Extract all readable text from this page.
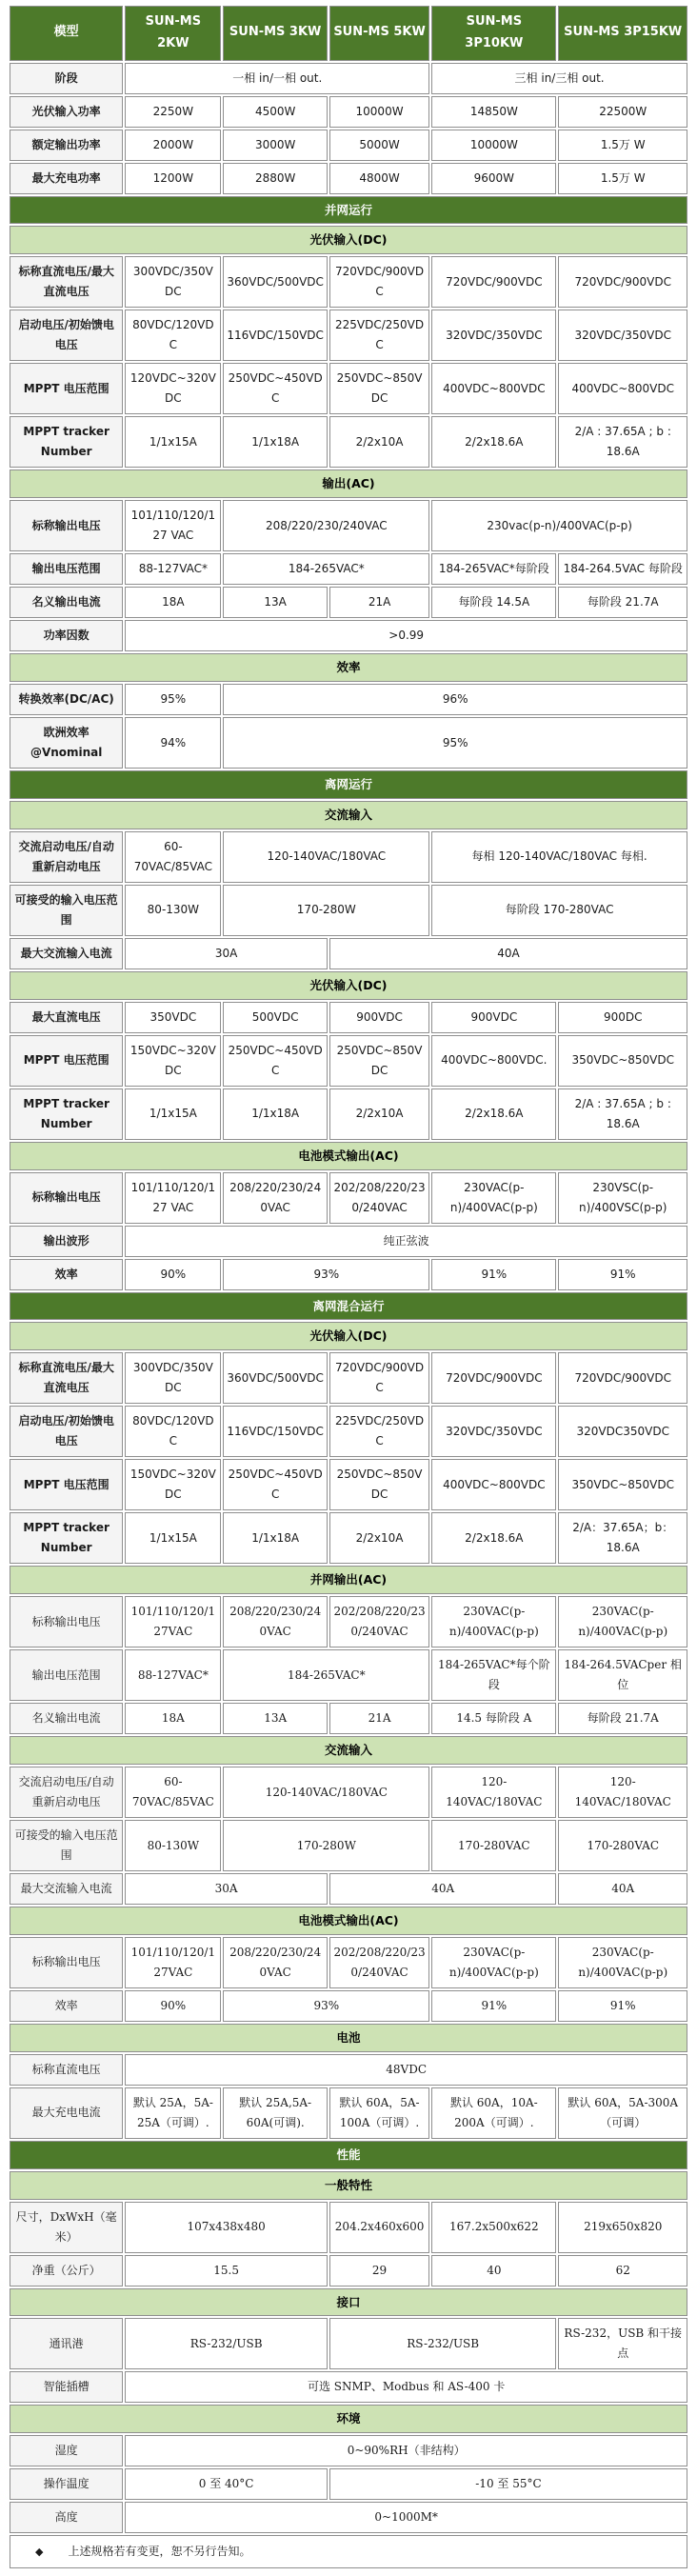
模型	SUN-MS 2KW	SUN-MS 3KW	SUN-MS 5KW	SUN-MS 3P10KW	SUN-MS 3P15KW
阶段	一相 in/一相 out.			三相 in/三相 out.	
光伏输入功率	2250W	4500W	10000W	14850W	22500W
额定输出功率	2000W	3000W	5000W	10000W	1.5万 W
最大充电功率	1200W	2880W	4800W	9600W	1.5万 W
并网运行					
光伏输入(DC)					
标称直流电压/最大直流电压	300VDC/350VDC	360VDC/500VDC	720VDC/900VDC	720VDC/900VDC	720VDC/900VDC
启动电压/初始馈电电压	80VDC/120VDC	116VDC/150VDC	225VDC/250VDC	320VDC/350VDC	320VDC/350VDC
MPPT 电压范围	120VDC~320VDC	250VDC~450VDC	250VDC~850VDC	400VDC~800VDC	400VDC~800VDC
MPPT tracker Number	1/1x15A	1/1x18A	2/2x10A	2/2x18.6A	2/A : 37.65A ; b : 18.6A
输出(AC)					
标称输出电压	101/110/120/127 VAC	208/220/230/240VAC		230vac(p-n)/400VAC(p-p)	
输出电压范围	88-127VAC*	184-265VAC*		184-265VAC*每阶段	184-264.5VAC 每阶段
名义输出电流	18A	13A	21A	每阶段 14.5A	每阶段 21.7A
功率因数	>0.99				
效率					
转换效率(DC/AC)	95%	96%			
欧洲效率@Vnominal	94%	95%			
离网运行					
交流输入					
交流启动电压/自动重新启动电压	60-70VAC/85VAC	120-140VAC/180VAC		每相 120-140VAC/180VAC 每相.	
可接受的输入电压范围	80-130W	170-280W		每阶段 170-280VAC	
最大交流输入电流	30A		40A		
光伏输入(DC)					
最大直流电压	350VDC	500VDC	900VDC	900VDC	900DC
MPPT 电压范围	150VDC~320VDC	250VDC~450VDC	250VDC~850VDC	400VDC~800VDC.	350VDC~850VDC
MPPT tracker Number	1/1x15A	1/1x18A	2/2x10A	2/2x18.6A	2/A : 37.65A ; b : 18.6A
电池模式输出(AC)					
标称输出电压	101/110/120/127 VAC	208/220/230/240VAC	202/208/220/230/240VAC	230VAC(p-n)/400VAC(p-p)	230VSC(p-n)/400VSC(p-p)
输出波形	纯正弦波				
效率	90%	93%		91%	91%
离网混合运行					
光伏输入(DC)					
标称直流电压/最大直流电压	300VDC/350VDC	360VDC/500VDC	720VDC/900VDC	720VDC/900VDC	720VDC/900VDC
启动电压/初始馈电电压	80VDC/120VDC	116VDC/150VDC	225VDC/250VDC	320VDC/350VDC	320VDC350VDC
MPPT 电压范围	150VDC~320VDC	250VDC~450VDC	250VDC~850VDC	400VDC~800VDC	350VDC~850VDC
MPPT tracker Number	1/1x15A	1/1x18A	2/2x10A	2/2x18.6A	2/A：37.65A；b：18.6A
并网输出(AC)					
标称输出电压	101/110/120/127VAC	208/220/230/240VAC	202/208/220/230/240VAC	230VAC(p-n)/400VAC(p-p)	230VAC(p-n)/400VAC(p-p)
输出电压范围	88-127VAC*	184-265VAC*		184-265VAC*每个阶段	184-264.5VACper 相位
名义输出电流	18A	13A	21A	14.5 每阶段 A	每阶段 21.7A
交流输入					
交流启动电压/自动重新启动电压	60-70VAC/85VAC	120-140VAC/180VAC		120-140VAC/180VAC	120-140VAC/180VAC
可接受的输入电压范围	80-130W	170-280W		170-280VAC	170-280VAC
最大交流输入电流	30A		40A		40A
电池模式输出(AC)					
标称输出电压	101/110/120/127VAC	208/220/230/240VAC	202/208/220/230/240VAC	230VAC(p-n)/400VAC(p-p)	230VAC(p-n)/400VAC(p-p)
效率	90%	93%		91%	91%
电池					
标称直流电压	48VDC				
最大充电电流	默认 25A，5A-25A（可调）.	默认 25A,5A-60A(可调).	默认 60A，5A-100A（可调）.	默认 60A，10A-200A（可调）.	默认 60A，5A-300A（可调）
性能					
一般特性					
尺寸，DxWxH（毫米）	107x438x480		204.2x460x600	167.2x500x622	219x650x820
净重（公斤）	15.5		29	40	62
接口					
通讯港	RS-232/USB		RS-232/USB		RS-232，USB 和干接点
智能插槽	可选 SNMP、Modbus 和 AS-400 卡				
环境					
湿度	0~90%RH（非结构）				
操作温度	0 至 40°C		-10 至 55°C		
高度	0~1000M*				
◆ 上述规格若有变更，恕不另行告知。					
